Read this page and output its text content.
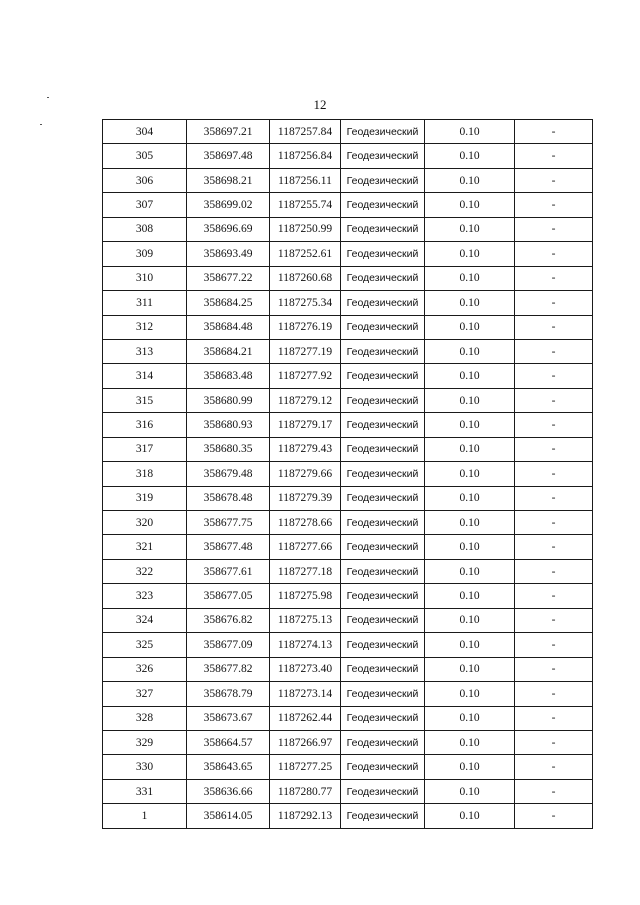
12
304	358697.21	1187257.84	Геодезический	0.10	-
305	358697.48	1187256.84	Геодезический	0.10	-
306	358698.21	1187256.11	Геодезический	0.10	-
307	358699.02	1187255.74	Геодезический	0.10	-
308	358696.69	1187250.99	Геодезический	0.10	-
309	358693.49	1187252.61	Геодезический	0.10	-
310	358677.22	1187260.68	Геодезический	0.10	-
311	358684.25	1187275.34	Геодезический	0.10	-
312	358684.48	1187276.19	Геодезический	0.10	-
313	358684.21	1187277.19	Геодезический	0.10	-
314	358683.48	1187277.92	Геодезический	0.10	-
315	358680.99	1187279.12	Геодезический	0.10	-
316	358680.93	1187279.17	Геодезический	0.10	-
317	358680.35	1187279.43	Геодезический	0.10	-
318	358679.48	1187279.66	Геодезический	0.10	-
319	358678.48	1187279.39	Геодезический	0.10	-
320	358677.75	1187278.66	Геодезический	0.10	-
321	358677.48	1187277.66	Геодезический	0.10	-
322	358677.61	1187277.18	Геодезический	0.10	-
323	358677.05	1187275.98	Геодезический	0.10	-
324	358676.82	1187275.13	Геодезический	0.10	-
325	358677.09	1187274.13	Геодезический	0.10	-
326	358677.82	1187273.40	Геодезический	0.10	-
327	358678.79	1187273.14	Геодезический	0.10	-
328	358673.67	1187262.44	Геодезический	0.10	-
329	358664.57	1187266.97	Геодезический	0.10	-
330	358643.65	1187277.25	Геодезический	0.10	-
331	358636.66	1187280.77	Геодезический	0.10	-
1	358614.05	1187292.13	Геодезический	0.10	-
